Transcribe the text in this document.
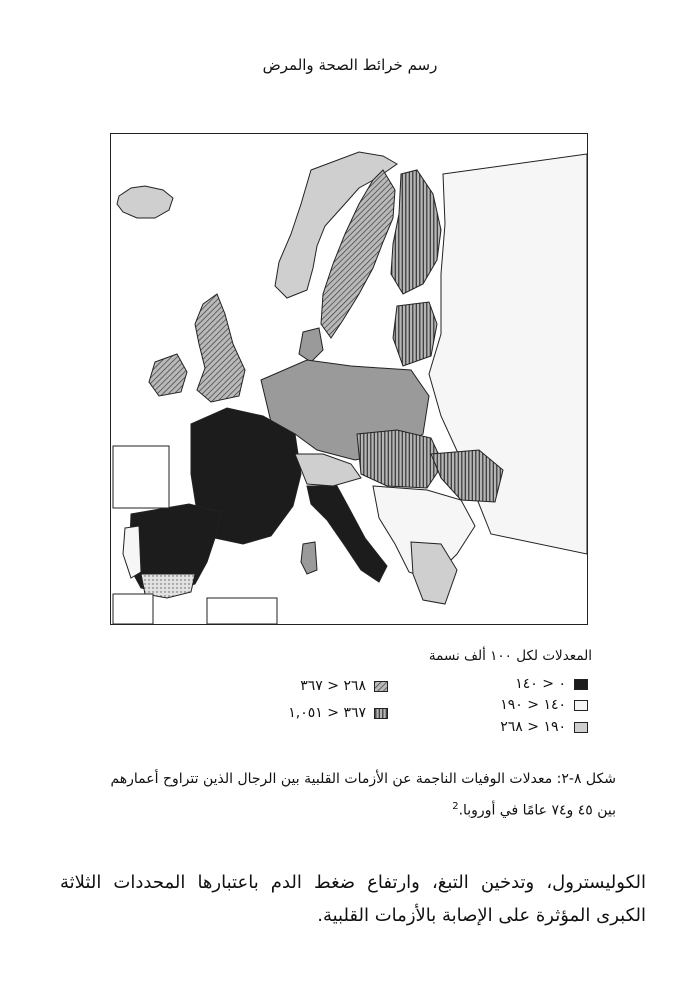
رسم خرائط الصحة والمرض
المعدلات لكل ١٠٠ ألف نسمة
٠ < ١٤٠
١٤٠ < ١٩٠
١٩٠ < ٢٦٨
٢٦٨ < ٣٦٧
٣٦٧ < ١,٠٥١
شكل ٨-٢: معدلات الوفيات الناجمة عن الأزمات القلبية بين الرجال الذين تتراوح أعمارهم بين ٤٥ و٧٤ عامًا في أوروبا.$^2$
الكوليسترول، وتدخين التبغ، وارتفاع ضغط الدم باعتبارها المحددات الثلاثة الكبرى المؤثرة على الإصابة بالأزمات القلبية.
